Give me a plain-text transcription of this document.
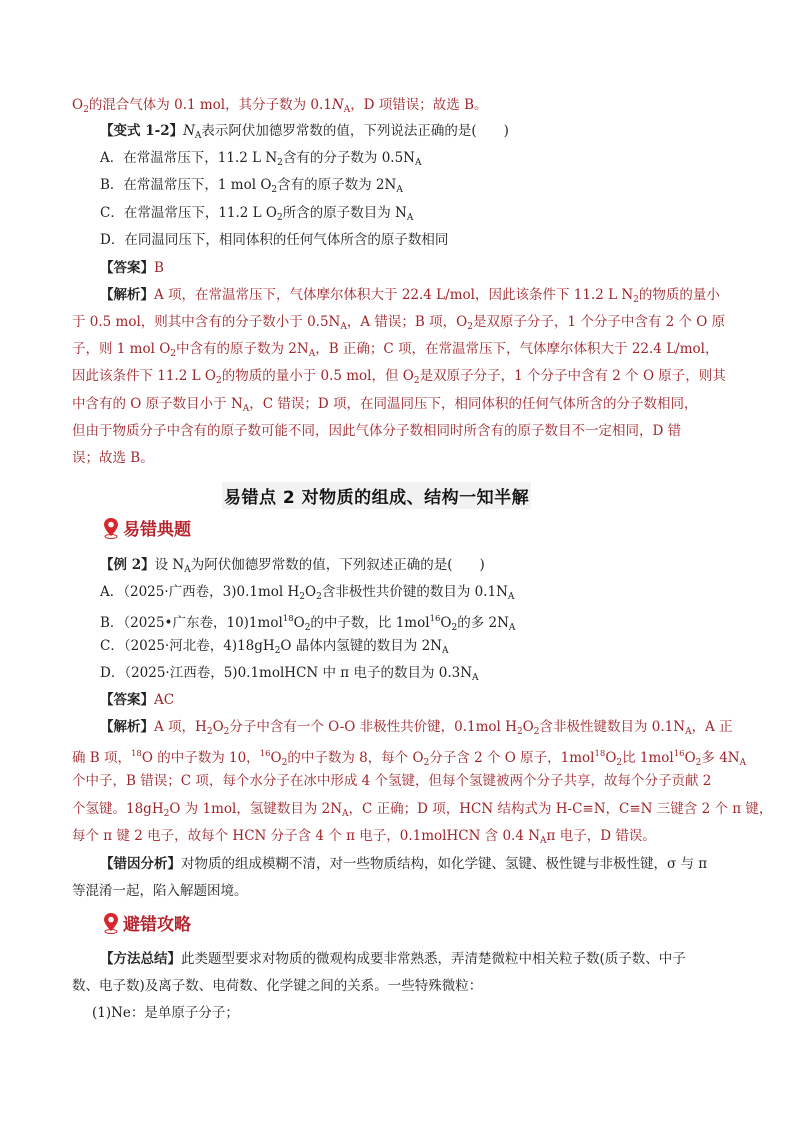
$O_2$的混合气体为 0.1 mol，其分子数为 $0.1N_A$，D 项错误；故选 B。
【变式 1-2】$N_A$表示阿伏加德罗常数的值，下列说法正确的是(　　)
A．在常温常压下，11.2 L $N_2$含有的分子数为 $0.5N_A$
B．在常温常压下，1 mol $O_2$含有的原子数为 $2N_A$
C．在常温常压下，11.2 L $O_2$所含的原子数目为 $N_A$
D．在同温同压下，相同体积的任何气体所含的原子数相同
【答案】B
【解析】A 项，在常温常压下，气体摩尔体积大于 22.4 L/mol，因此该条件下 11.2 L $N_2$的物质的量小
于 0.5 mol，则其中含有的分子数小于 $0.5N_A$，A 错误；B 项，$O_2$是双原子分子，1 个分子中含有 2 个 O 原
子，则 1 mol $O_2$中含有的原子数为 $2N_A$，B 正确；C 项，在常温常压下，气体摩尔体积大于 22.4 L/mol，
因此该条件下 11.2 L $O_2$的物质的量小于 0.5 mol，但 $O_2$是双原子分子，1 个分子中含有 2 个 O 原子，则其
中含有的 O 原子数目小于 $N_A$，C 错误；D 项，在同温同压下，相同体积的任何气体所含的分子数相同，
但由于物质分子中含有的原子数可能不同，因此气体分子数相同时所含有的原子数目不一定相同，D 错
误；故选 B。
易错点 2 对物质的组成、结构一知半解
易错典题
【例 2】设 $N_A$为阿伏伽德罗常数的值，下列叙述正确的是(　　)
A．（2025·广西卷，3)0.1mol $H_2O_2$含非极性共价键的数目为 $0.1N_A$
B．（2025•广东卷，$10)1mol^{18}O_2$的中子数，比 $1mol^{16}O_2$的多 $2N_A$
C．（2025·河北卷，$4)18gH_2O$ 晶体内氢键的数目为 $2N_A$
D．（2025·江西卷，5)0.1molHCN 中 π 电子的数目为 $0.3N_A$
【答案】AC
【解析】A 项，$H_2O_2$分子中含有一个 O-O 非极性共价键，0.1mol $H_2O_2$含非极性键数目为 $0.1N_A$，A 正
确 B 项，$^{18}$O 的中子数为 10，$^{16}O_2$的中子数为 8，每个 $O_2$分子含 2 个 O 原子，$1mol^{18}O_2$比 $1mol^{16}O_2$多 $4N_A$
个中子，B 错误；C 项，每个水分子在冰中形成 4 个氢键，但每个氢键被两个分子共享，故每个分子贡献 2
个氢键。$18gH_2O$ 为 1mol，氢键数目为 $2N_A$，C 正确；D 项，HCN 结构式为 H-C≡N，C≡N 三键含 2 个 π 键，
每个 π 键 2 电子，故每个 HCN 分子含 4 个 π 电子，0.1molHCN 含 0.4 $N_A\pi$ 电子，D 错误。
【错因分析】对物质的组成模糊不清，对一些物质结构，如化学键、氢键、极性键与非极性键，σ 与 π
等混淆一起，陷入解题困境。
避错攻略
【方法总结】此类题型要求对物质的微观构成要非常熟悉，弄清楚微粒中相关粒子数(质子数、中子
数、电子数)及离子数、电荷数、化学键之间的关系。一些特殊微粒：
(1)Ne：是单原子分子；
